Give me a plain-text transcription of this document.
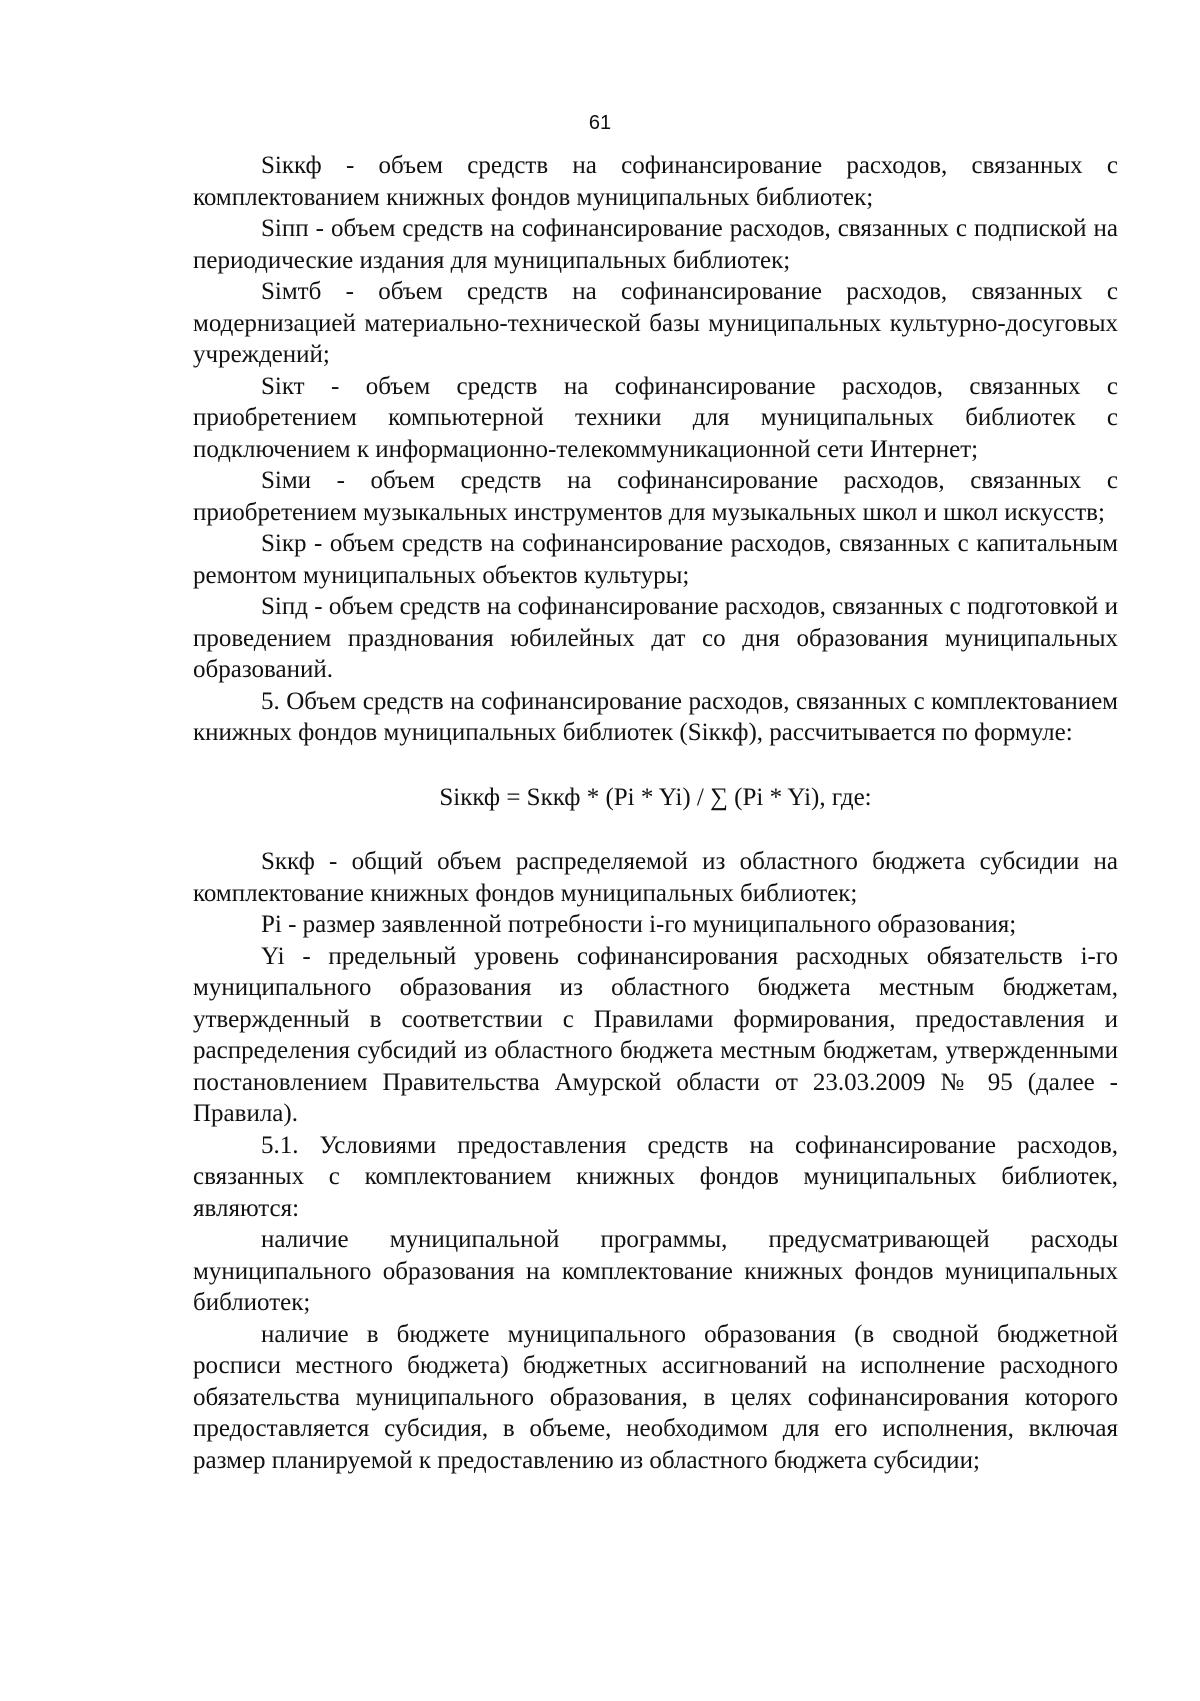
61

Siккф - объем средств на софинансирование расходов, связанных с комплектованием книжных фондов муниципальных библиотек;

Siпп - объем средств на софинансирование расходов, связанных с подпиской на периодические издания для муниципальных библиотек;

Siмтб - объем средств на софинансирование расходов, связанных с модернизацией материально-технической базы муниципальных культурно-досуговых учреждений;

Siкт - объем средств на софинансирование расходов, связанных с приобретением компьютерной техники для муниципальных библиотек с подключением к информационно-телекоммуникационной сети Интернет;

Siми - объем средств на софинансирование расходов, связанных с приобретением музыкальных инструментов для музыкальных школ и школ искусств;

Siкр - объем средств на софинансирование расходов, связанных с капитальным ремонтом муниципальных объектов культуры;

Siпд - объем средств на софинансирование расходов, связанных с подготовкой и проведением празднования юбилейных дат со дня образования муниципальных образований.

5. Объем средств на софинансирование расходов, связанных с комплектованием книжных фондов муниципальных библиотек (Siккф), рассчитывается по формуле:

Siккф = Sккф * (Pi * Yi) / ∑ (Pi * Yi), где:

Sккф - общий объем распределяемой из областного бюджета субсидии на комплектование книжных фондов муниципальных библиотек;

Pi - размер заявленной потребности i-го муниципального образования;

Yi - предельный уровень софинансирования расходных обязательств i-го муниципального образования из областного бюджета местным бюджетам, утвержденный в соответствии с Правилами формирования, предоставления и распределения субсидий из областного бюджета местным бюджетам, утвержденными постановлением Правительства Амурской области от 23.03.2009 № 95 (далее - Правила).

5.1. Условиями предоставления средств на софинансирование расходов, связанных с комплектованием книжных фондов муниципальных библиотек, являются:

наличие муниципальной программы, предусматривающей расходы муниципального образования на комплектование книжных фондов муниципальных библиотек;

наличие в бюджете муниципального образования (в сводной бюджетной росписи местного бюджета) бюджетных ассигнований на исполнение расходного обязательства муниципального образования, в целях софинансирования которого предоставляется субсидия, в объеме, необходимом для его исполнения, включая размер планируемой к предоставлению из областного бюджета субсидии;
